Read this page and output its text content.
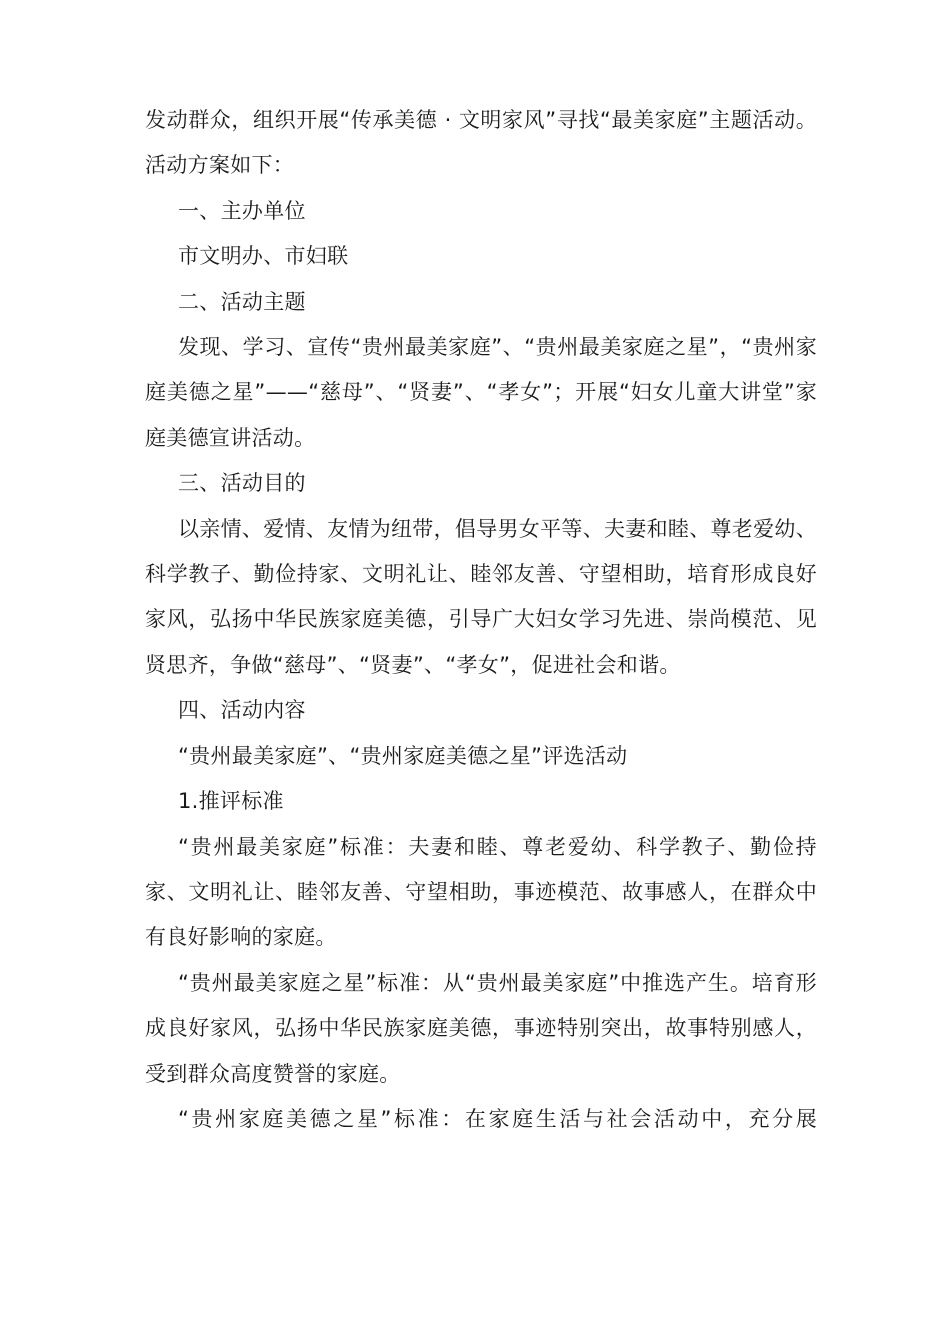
发动群众，组织开展“传承美德 · 文明家风”寻找“最美家庭”主题活动。活动方案如下：

一、主办单位

市文明办、市妇联

二、活动主题

发现、学习、宣传“贵州最美家庭”、“贵州最美家庭之星”，“贵州家庭美德之星”——“慈母”、“贤妻”、“孝女”；开展“妇女儿童大讲堂”家庭美德宣讲活动。

三、活动目的

以亲情、爱情、友情为纽带，倡导男女平等、夫妻和睦、尊老爱幼、科学教子、勤俭持家、文明礼让、睦邻友善、守望相助，培育形成良好家风，弘扬中华民族家庭美德，引导广大妇女学习先进、崇尚模范、见贤思齐，争做“慈母”、“贤妻”、“孝女”，促进社会和谐。

四、活动内容

“贵州最美家庭”、“贵州家庭美德之星”评选活动

1.推评标准

“贵州最美家庭”标准：夫妻和睦、尊老爱幼、科学教子、勤俭持家、文明礼让、睦邻友善、守望相助，事迹模范、故事感人，在群众中有良好影响的家庭。

“贵州最美家庭之星”标准：从“贵州最美家庭”中推选产生。培育形成良好家风，弘扬中华民族家庭美德，事迹特别突出，故事特别感人，受到群众高度赞誉的家庭。

“贵州家庭美德之星”标准：在家庭生活与社会活动中，充分展
